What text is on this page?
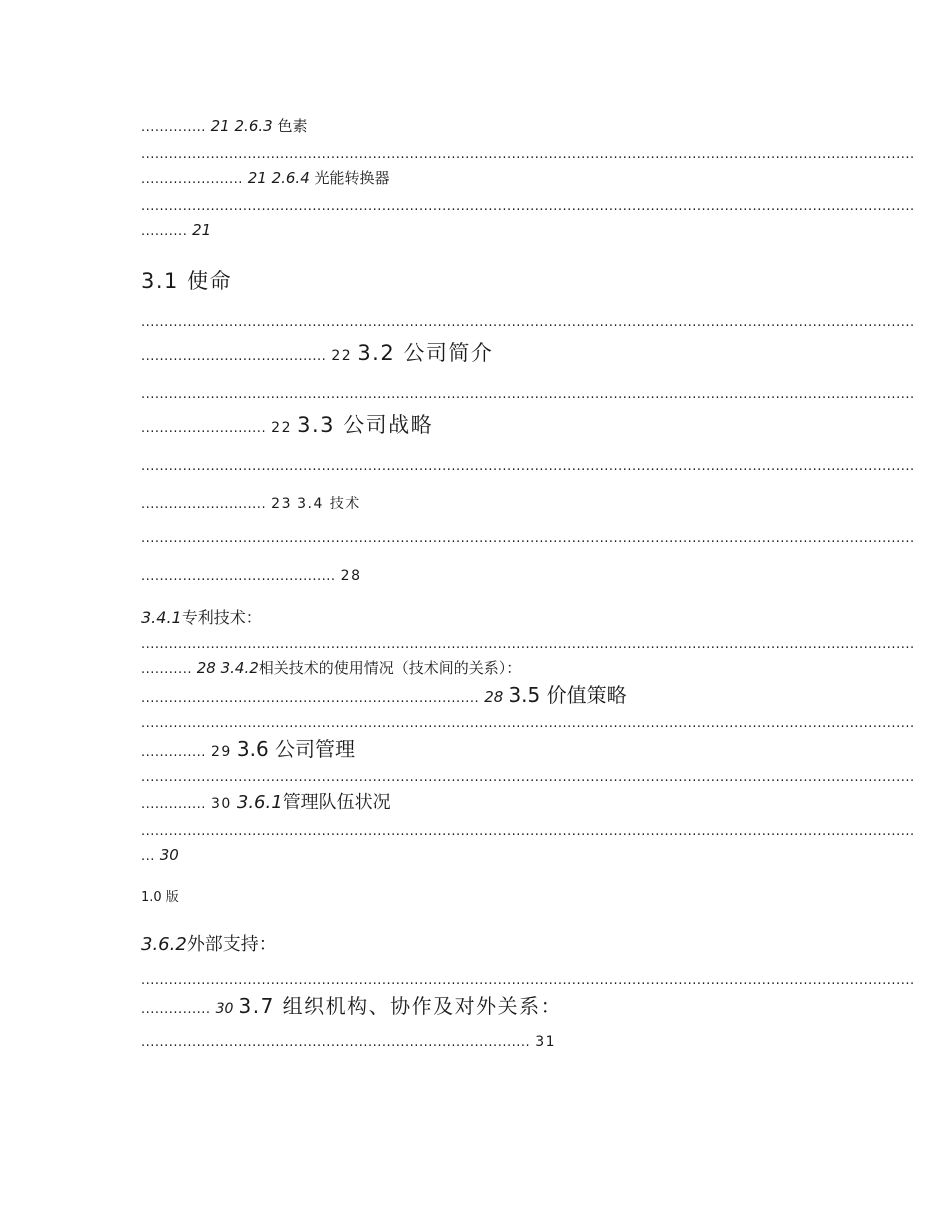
.............. 21 2.6.3 色素
.......................................................................................................................................................................
...................... 21 2.6.4 光能转换器
.......................................................................................................................................................................
.......... 21
3.1 使命
.......................................................................................................................................................................
........................................ 22 3.2 公司简介
.......................................................................................................................................................................
........................... 22 3.3 公司战略
.......................................................................................................................................................................
........................... 23 3.4 技术
.......................................................................................................................................................................
.......................................... 28
3.4.1专利技术：
.......................................................................................................................................................................
........... 28 3.4.2相关技术的使用情况（技术间的关系）：
......................................................................... 28 3.5 价值策略
.......................................................................................................................................................................
.............. 29 3.6 公司管理
.......................................................................................................................................................................
.............. 30 3.6.1管理队伍状况
.......................................................................................................................................................................
... 30
1.0 版
3.6.2外部支持：
.......................................................................................................................................................................
............... 30 3.7 组织机构、协作及对外关系：
.................................................................................... 31
